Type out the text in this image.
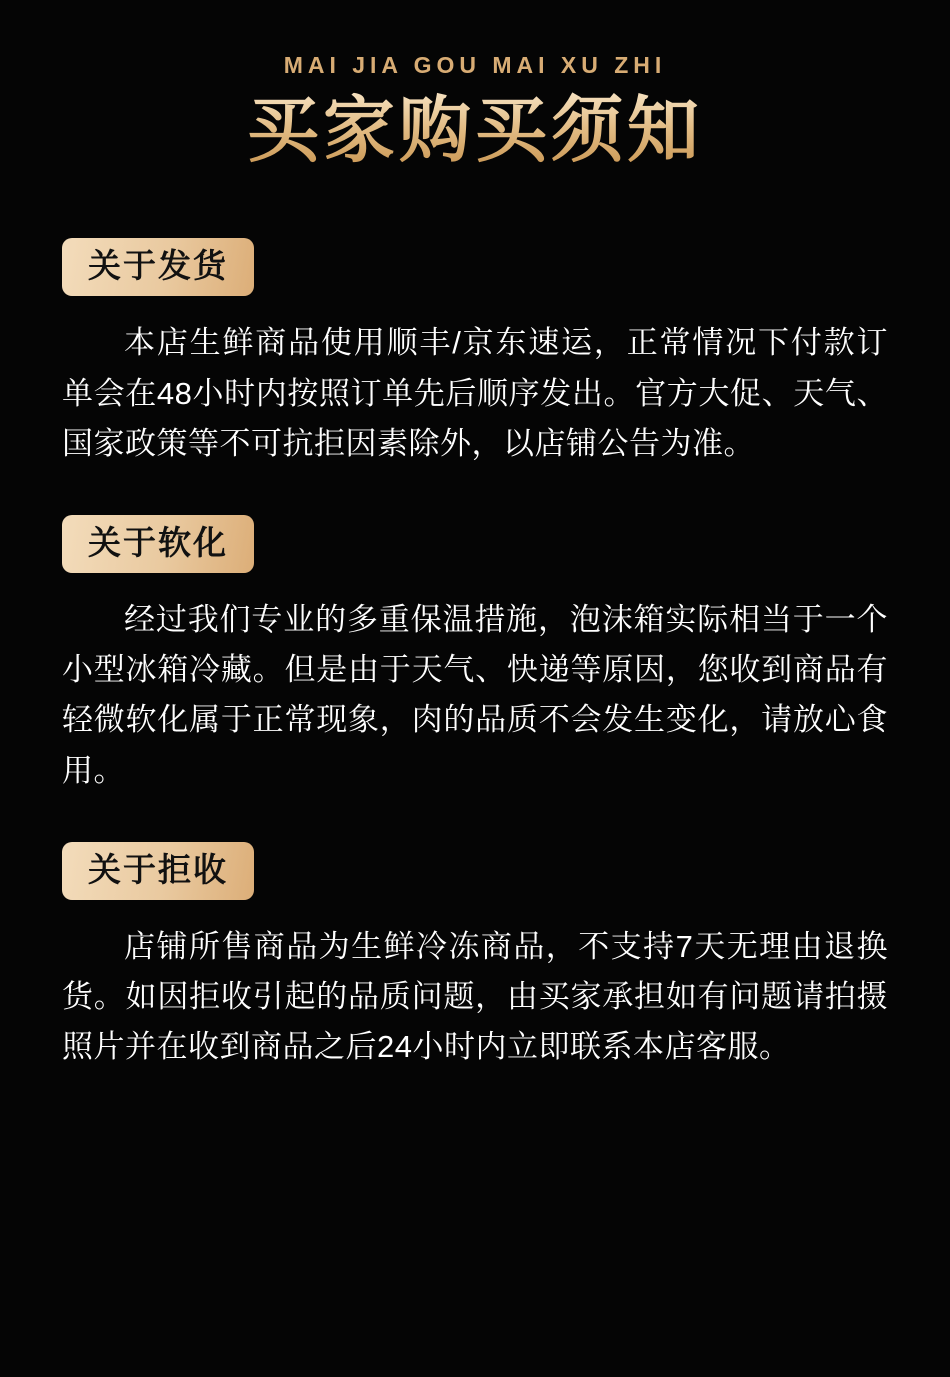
MAI JIA GOU MAI XU ZHI

买家购买须知
关于发货

本店生鲜商品使用顺丰/京东速运，正常情况下付款订单会在48小时内按照订单先后顺序发出。官方大促、天气、国家政策等不可抗拒因素除外，以店铺公告为准。

关于软化

经过我们专业的多重保温措施，泡沫箱实际相当于一个小型冰箱冷藏。但是由于天气、快递等原因，您收到商品有轻微软化属于正常现象，肉的品质不会发生变化，请放心食用。

关于拒收

店铺所售商品为生鲜冷冻商品，不支持7天无理由退换货。如因拒收引起的品质问题，由买家承担如有问题请拍摄照片并在收到商品之后24小时内立即联系本店客服。
